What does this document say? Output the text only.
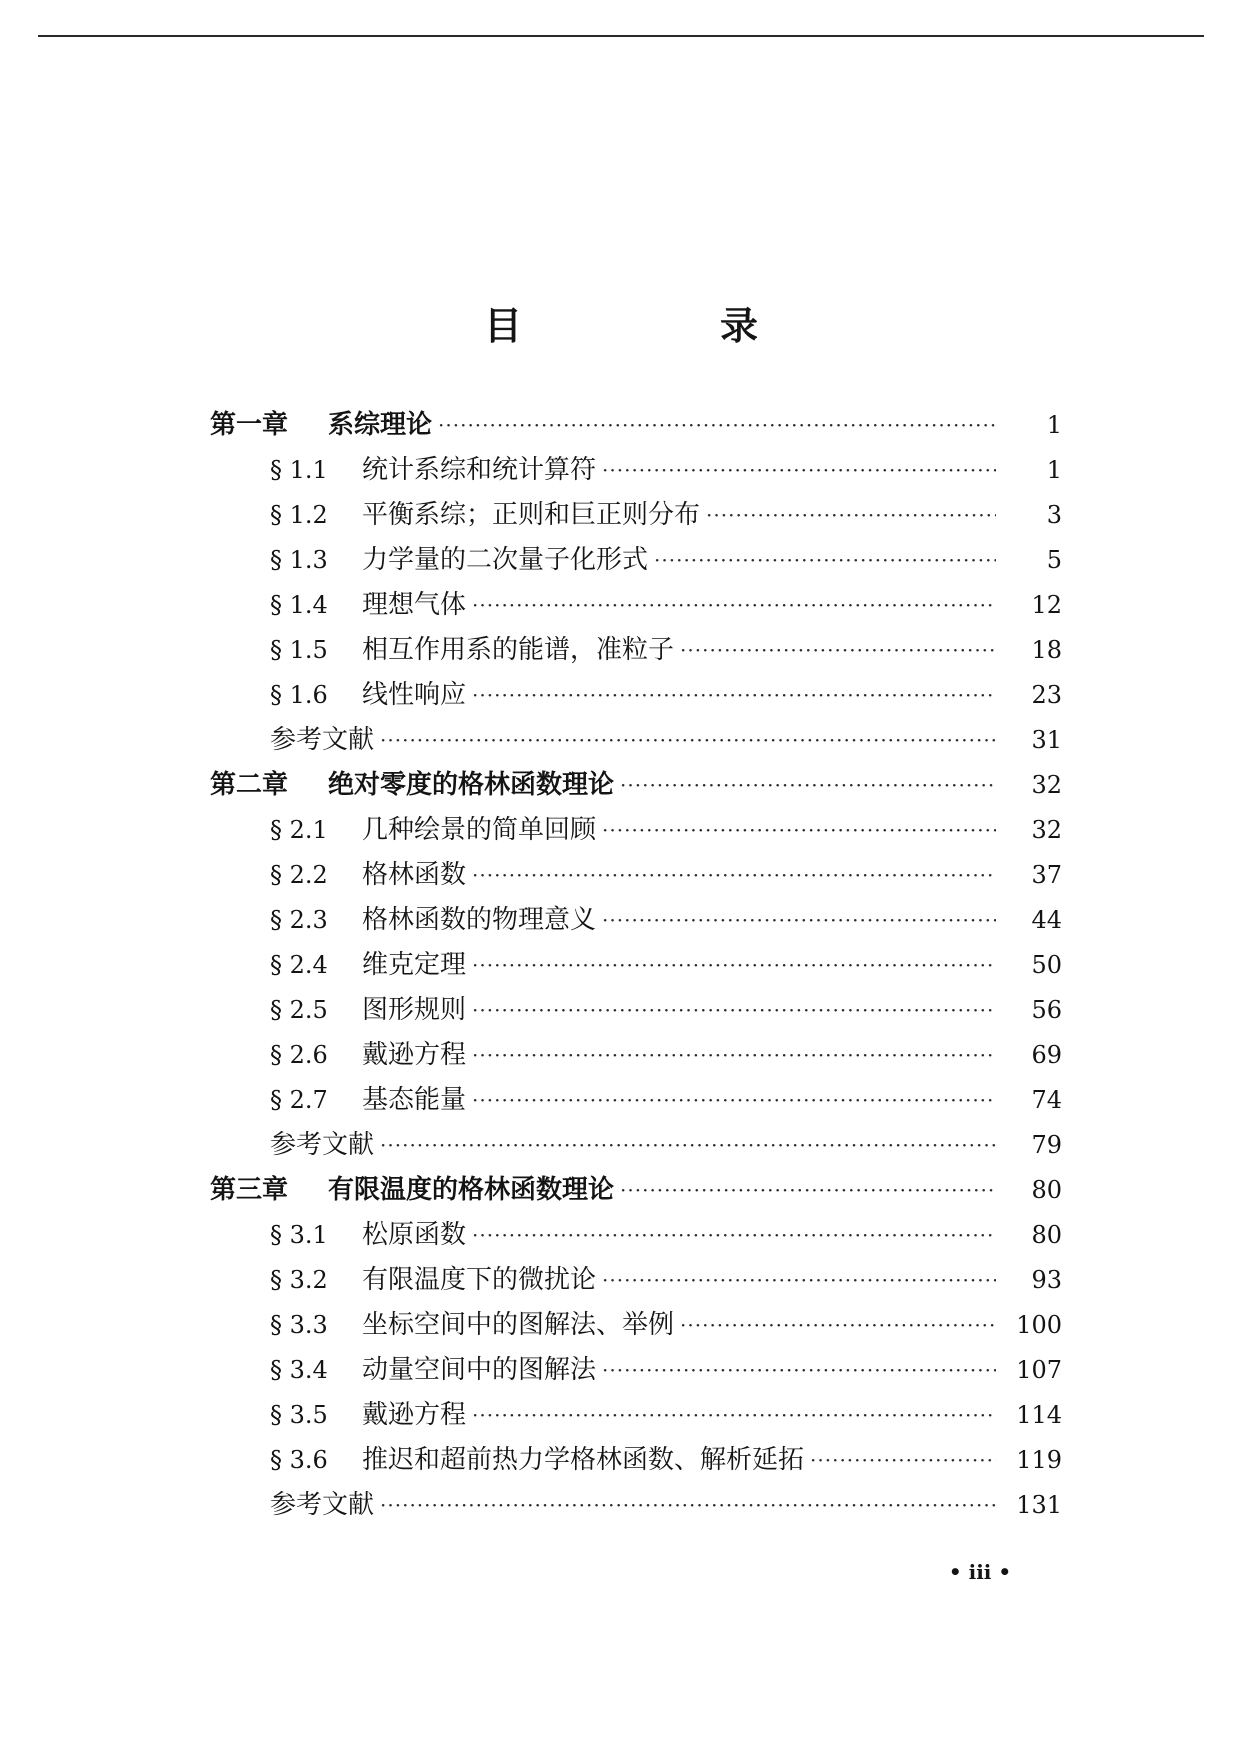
目　录
第一章	系综理论 ·····	1
§ 1.1	统计系综和统计算符 ·····	1
§ 1.2	平衡系综；正则和巨正则分布 ·····	3
§ 1.3	力学量的二次量子化形式 ·····	5
§ 1.4	理想气体 ·····	12
§ 1.5	相互作用系的能谱，准粒子 ·····	18
§ 1.6	线性响应 ·····	23
参考文献 ·····	31
第二章	绝对零度的格林函数理论 ·····	32
§ 2.1	几种绘景的简单回顾 ·····	32
§ 2.2	格林函数 ·····	37
§ 2.3	格林函数的物理意义 ·····	44
§ 2.4	维克定理 ·····	50
§ 2.5	图形规则 ·····	56
§ 2.6	戴逊方程 ·····	69
§ 2.7	基态能量 ·····	74
参考文献 ·····	79
第三章	有限温度的格林函数理论 ·····	80
§ 3.1	松原函数 ·····	80
§ 3.2	有限温度下的微扰论 ·····	93
§ 3.3	坐标空间中的图解法、举例 ·····	100
§ 3.4	动量空间中的图解法 ·····	107
§ 3.5	戴逊方程 ·····	114
§ 3.6	推迟和超前热力学格林函数、解析延拓 ·····	119
参考文献 ·····	131
• iii •
